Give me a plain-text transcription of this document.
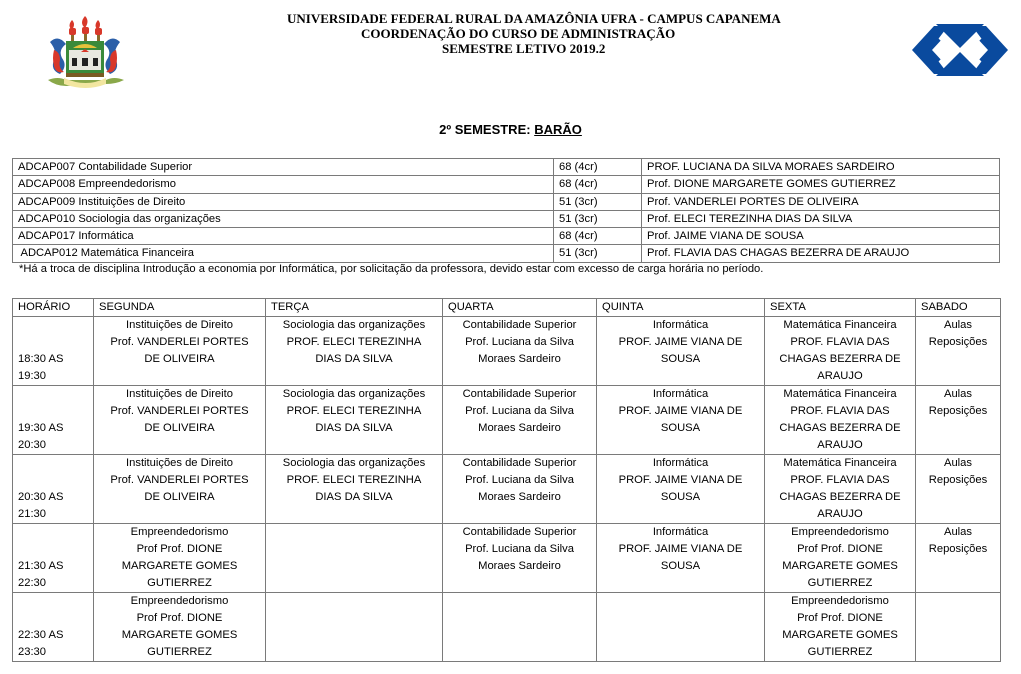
UNIVERSIDADE FEDERAL RURAL DA AMAZÔNIA UFRA - CAMPUS CAPANEMA
COORDENAÇÃO DO CURSO DE ADMINISTRAÇÃO
SEMESTRE LETIVO 2019.2
2º SEMESTRE: BARÃO
ADCAP007 Contabilidade Superior	68 (4cr)	PROF. LUCIANA DA SILVA MORAES SARDEIRO
ADCAP008 Empreendedorismo	68 (4cr)	Prof. DIONE MARGARETE GOMES GUTIERREZ
ADCAP009 Instituições de Direito	51 (3cr)	Prof. VANDERLEI PORTES DE OLIVEIRA
ADCAP010 Sociologia das organizações	51 (3cr)	Prof. ELECI TEREZINHA DIAS DA SILVA
ADCAP017 Informática	68 (4cr)	Prof. JAIME VIANA DE SOUSA
ADCAP012 Matemática Financeira	51 (3cr)	Prof. FLAVIA DAS CHAGAS BEZERRA DE ARAUJO
*Há a troca de disciplina Introdução a economia por Informática, por solicitação da professora, devido estar com excesso de carga horária no período.
HORÁRIO	SEGUNDA	TERÇA	QUARTA	QUINTA	SEXTA	SABADO

18:30 AS
19:30	Instituições de Direito
Prof. VANDERLEI PORTES
DE OLIVEIRA	Sociologia das organizações
PROF. ELECI TEREZINHA
DIAS DA SILVA	Contabilidade Superior
Prof. Luciana da Silva
Moraes Sardeiro	Informática
PROF. JAIME VIANA DE
SOUSA	Matemática Financeira
PROF. FLAVIA DAS
CHAGAS BEZERRA DE
ARAUJO	Aulas
Reposições

19:30 AS
20:30	Instituições de Direito
Prof. VANDERLEI PORTES
DE OLIVEIRA	Sociologia das organizações
PROF. ELECI TEREZINHA
DIAS DA SILVA	Contabilidade Superior
Prof. Luciana da Silva
Moraes Sardeiro	Informática
PROF. JAIME VIANA DE
SOUSA	Matemática Financeira
PROF. FLAVIA DAS
CHAGAS BEZERRA DE
ARAUJO	Aulas
Reposições

20:30 AS
21:30	Instituições de Direito
Prof. VANDERLEI PORTES
DE OLIVEIRA	Sociologia das organizações
PROF. ELECI TEREZINHA
DIAS DA SILVA	Contabilidade Superior
Prof. Luciana da Silva
Moraes Sardeiro	Informática
PROF. JAIME VIANA DE
SOUSA	Matemática Financeira
PROF. FLAVIA DAS
CHAGAS BEZERRA DE
ARAUJO	Aulas
Reposições

21:30 AS
22:30	Empreendedorismo
Prof Prof. DIONE
MARGARETE GOMES
GUTIERREZ		Contabilidade Superior
Prof. Luciana da Silva
Moraes Sardeiro	Informática
PROF. JAIME VIANA DE
SOUSA	Empreendedorismo
Prof Prof. DIONE
MARGARETE GOMES
GUTIERREZ	Aulas
Reposições

22:30 AS
23:30	Empreendedorismo
Prof Prof. DIONE
MARGARETE GOMES
GUTIERREZ				Empreendedorismo
Prof Prof. DIONE
MARGARETE GOMES
GUTIERREZ	
